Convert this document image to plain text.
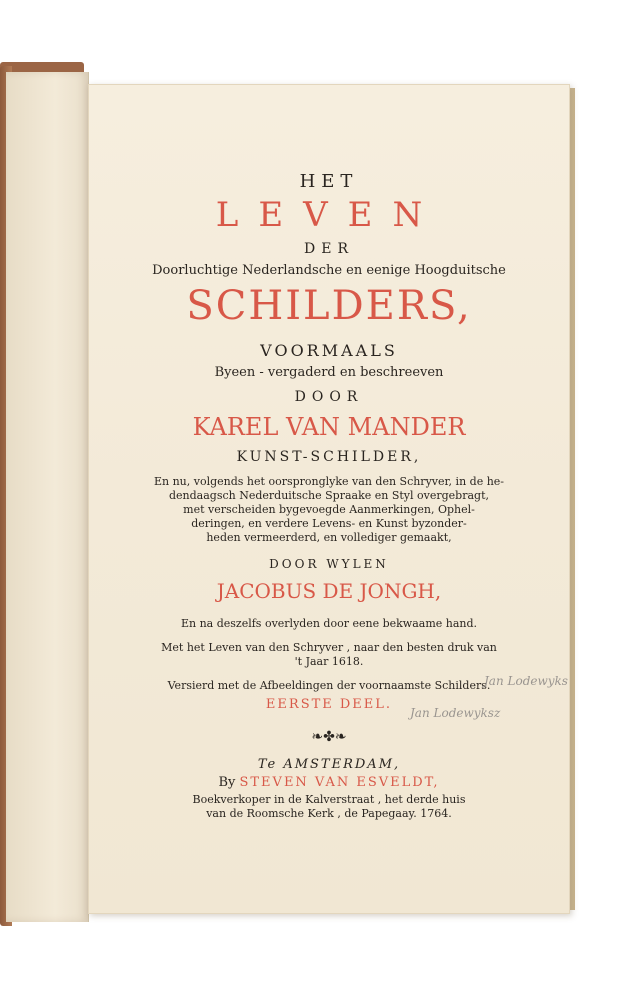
HET
LEVEN
DER
Doorluchtige Nederlandsche en eenige Hoogduitsche
SCHILDERS,
VOORMAALS
Byeen - vergaderd en beschreeven
DOOR
KAREL VAN MANDER
KUNST-SCHILDER,
En nu, volgends het oorspronglyke van den Schryver, in de he-
dendaagsch Nederduitsche Spraake en Styl overgebragt,
met verscheiden bygevoegde Aanmerkingen, Ophel-
deringen, en verdere Levens- en Kunst byzonder-
heden vermeerderd, en vollediger gemaakt,
DOOR WYLEN
JACOBUS DE JONGH,
En na deszelfs overlyden door eene bekwaame hand.
Met het Leven van den Schryver , naar den besten druk van
't Jaar 1618.
Versierd met de Afbeeldingen der voornaamste Schilders.
EERSTE DEEL.
❧✤❧
Te AMSTERDAM,
By STEVEN VAN ESVELDT,
Boekverkoper in de Kalverstraat , het derde huis
van de Roomsche Kerk , de Papegaay. 1764.
Jan Lodewyks
Jan Lodewyksz
